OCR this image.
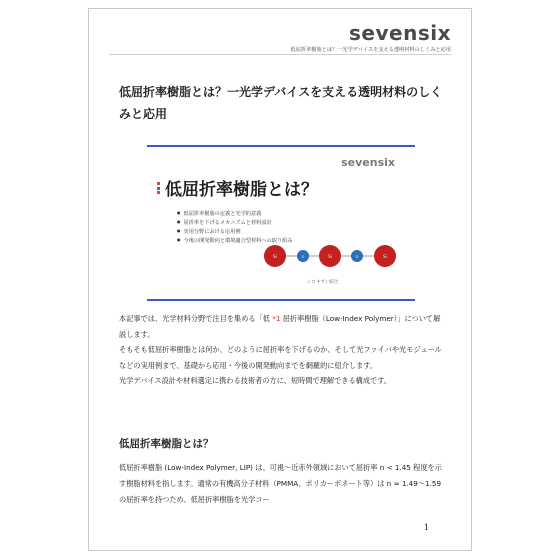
sevensix
低屈折率樹脂とは？一光学デバイスを支える透明材料のしくみと応用
低屈折率樹脂とは？一光学デバイスを支える透明材料のしくみと応用
sevensix
低屈折率樹脂とは？
● 低屈折率樹脂の定義と光学的意義
● 屈折率を下げるメカニズムと材料設計
● 実用分野における応用例
● 今後の開発動向と環境適合型材料への取り組み
Si	O	Si	O	Si
シロキサン結合

本記事では、光学材料分野で注目を集める「低 *1 屈折率樹脂（Low-Index Polymer）」について解説します。

そもそも低屈折率樹脂とは何か、どのように屈折率を下げるのか、そして光ファイバや光モジュールなどの実用例まで、基礎から応用・今後の開発動向までを網羅的に紹介します。

光学デバイス設計や材料選定に携わる技術者の方に、短時間で理解できる構成です。

低屈折率樹脂とは？
低屈折率樹脂 (Low-Index Polymer, LIP) は、可視～近赤外領域において屈折率 n < 1.45 程度を示す樹脂材料を指します。通常の有機高分子材料（PMMA、ポリカーボネート等）は n ≈ 1.49～1.59 の屈折率を持つため、低屈折率樹脂を光学コー
1
